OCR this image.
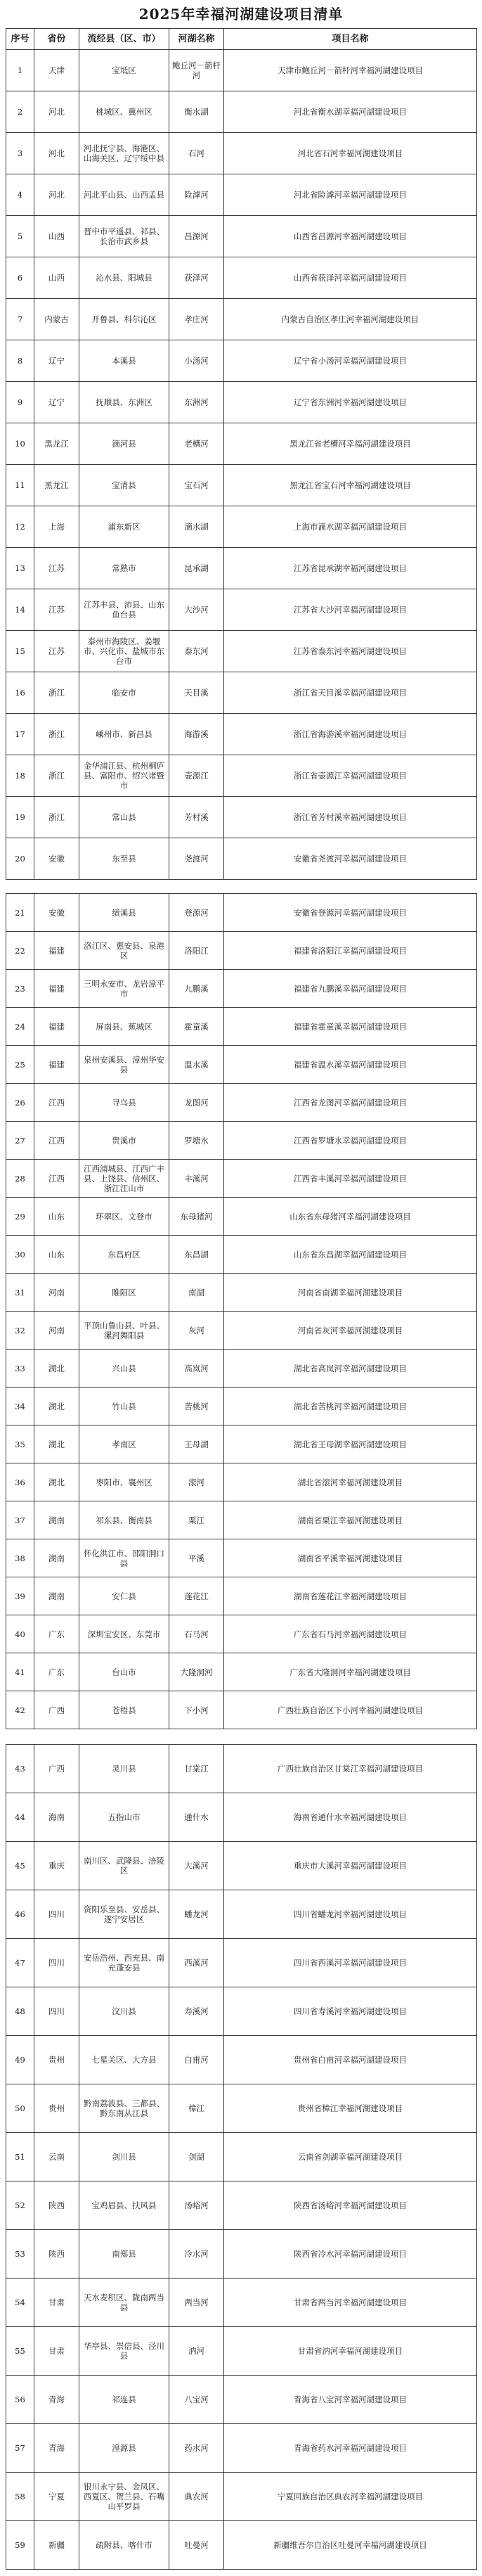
2025年幸福河湖建设项目清单
序号	省份	流经县（区、市）	河湖名称	项目名称
1	天津	宝坻区	鲍丘河－箭杆河	天津市鲍丘河－箭杆河幸福河湖建设项目
2	河北	桃城区、冀州区	衡水湖	河北省衡水湖幸福河湖建设项目
3	河北	河北抚宁县、海港区、山海关区、辽宁绥中县	石河	河北省石河幸福河湖建设项目
4	河北	河北平山县、山西孟县	险滹河	河北省险滹河幸福河湖建设项目
5	山西	晋中市平遥县、祁县、长治市武乡县	昌源河	山西省昌源河幸福河湖建设项目
6	山西	沁水县、阳城县	获泽河	山西省获泽河幸福河湖建设项目
7	内蒙古	开鲁县、科尔沁区	孝庄河	内蒙古自治区孝庄河幸福河湖建设项目
8	辽宁	本溪县	小汤河	辽宁省小汤河幸福河湖建设项目
9	辽宁	抚顺县、东洲区	东洲河	辽宁省东洲河幸福河湖建设项目
10	黑龙江	滴河县	老槽河	黑龙江省老槽河幸福河湖建设项目
11	黑龙江	宝清县	宝石河	黑龙江省宝石河幸福河湖建设项目
12	上海	浦东新区	滴水湖	上海市滴水湖幸福河湖建设项目
13	江苏	常熟市	昆承湖	江苏省昆承湖幸福河湖建设项目
14	江苏	江苏丰县、沛县、山东鱼台县	大沙河	江苏省大沙河幸福河湖建设项目
15	江苏	泰州市海陵区、姜堰市、兴化市、盐城市东台市	泰东河	江苏省泰东河幸福河湖建设项目
16	浙江	临安市	天目溪	浙江省天目溪幸福河湖建设项目
17	浙江	嵊州市、新昌县	海游溪	浙江省海游溪幸福河湖建设项目
18	浙江	金华浦江县、杭州桐庐县、富阳市、绍兴诸暨市	壶源江	浙江省壶源江幸福河湖建设项目
19	浙江	常山县	芳村溪	浙江省芳村溪幸福河湖建设项目
20	安徽	东至县	尧渡河	安徽省尧渡河幸福河湖建设项目
21	安徽	绩溪县	登源河	安徽省登源河幸福河湖建设项目
22	福建	洛江区、惠安县、泉港区	洛阳江	福建省洛阳江幸福河湖建设项目
23	福建	三明永安市、龙岩漳平市	九鹏溪	福建省九鹏溪幸福河湖建设项目
24	福建	屏南县、蕉城区	霍童溪	福建省霍童溪幸福河湖建设项目
25	福建	泉州安溪县、漳州华安县	温水溪	福建省温水溪幸福河湖建设项目
26	江西	寻乌县	龙图河	江西省龙图河幸福河湖建设项目
27	江西	贵溪市	罗塘水	江西省罗塘水幸福河湖建设项目
28	江西	江西浦城县、江西广丰县、上饶县、信州区、浙江江山市	丰溪河	江西省丰溪河幸福河湖建设项目
29	山东	环翠区、文登市	东母猪河	山东省东母猪河幸福河湖建设项目
30	山东	东昌府区	东昌湖	山东省东昌湖幸福河湖建设项目
31	河南	睢阳区	南湖	河南省南湖幸福河湖建设项目
32	河南	平顶山鲁山县、叶县、漯河舞阳县	灰河	河南省灰河幸福河湖建设项目
33	湖北	兴山县	高岚河	湖北省高岚河幸福河湖建设项目
34	湖北	竹山县	苦桃河	湖北省苦桃河幸福河湖建设项目
35	湖北	孝南区	王母湖	湖北省王母湖幸福河湖建设项目
36	湖北	枣阳市、襄州区	滚河	湖北省滚河幸福河湖建设项目
37	湖南	祁东县、衡南县	栗江	湖南省栗江幸福河湖建设项目
38	湖南	怀化洪江市、邵阳洞口县	平溪	湖南省平溪幸福河湖建设项目
39	湖南	安仁县	莲花江	湖南省莲花江幸福河湖建设项目
40	广东	深圳宝安区、东莞市	石马河	广东省石马河幸福河湖建设项目
41	广东	台山市	大隆洞河	广东省大隆洞河幸福河湖建设项目
42	广西	苍梧县	下小河	广西壮族自治区下小河幸福河湖建设项目
43	广西	灵川县	甘棠江	广西壮族自治区甘棠江幸福河湖建设项目
44	海南	五指山市	通什水	海南省通什水幸福河湖建设项目
45	重庆	南川区、武隆县、涪陵区	大溪河	重庆市大溪河幸福河湖建设项目
46	四川	资阳乐至县、安岳县、遂宁安居区	蟠龙河	四川省蟠龙河幸福河湖建设项目
47	四川	安岳浩州、西充县、南充蓬安县	西溪河	四川省西溪河幸福河湖建设项目
48	四川	汶川县	寿溪河	四川省寿溪河幸福河湖建设项目
49	贵州	七星关区、大方县	白甫河	贵州省白甫河幸福河湖建设项目
50	贵州	黔南荔波县、三都县、黔东南从江县	樟江	贵州省樟江幸福河湖建设项目
51	云南	剑川县	剑湖	云南省剑湖幸福河湖建设项目
52	陕西	宝鸡眉县、扶风县	汤峪河	陕西省汤峪河幸福河湖建设项目
53	陕西	南郑县	冷水河	陕西省冷水河幸福河湖建设项目
54	甘肃	天水麦积区、陇南两当县	两当河	甘肃省两当河幸福河湖建设项目
55	甘肃	华亭县、崇信县、泾川县	汭河	甘肃省汭河幸福河湖建设项目
56	青海	祁连县	八宝河	青海省八宝河幸福河湖建设项目
57	青海	湟源县	药水河	青海省药水河幸福河湖建设项目
58	宁夏	银川永宁县、金凤区、西夏区、贺兰县、石嘴山平罗县	典农河	宁夏回族自治区典农河幸福河湖建设项目
59	新疆	疏附县、喀什市	吐曼河	新疆维吾尔自治区吐曼河幸福河湖建设项目
